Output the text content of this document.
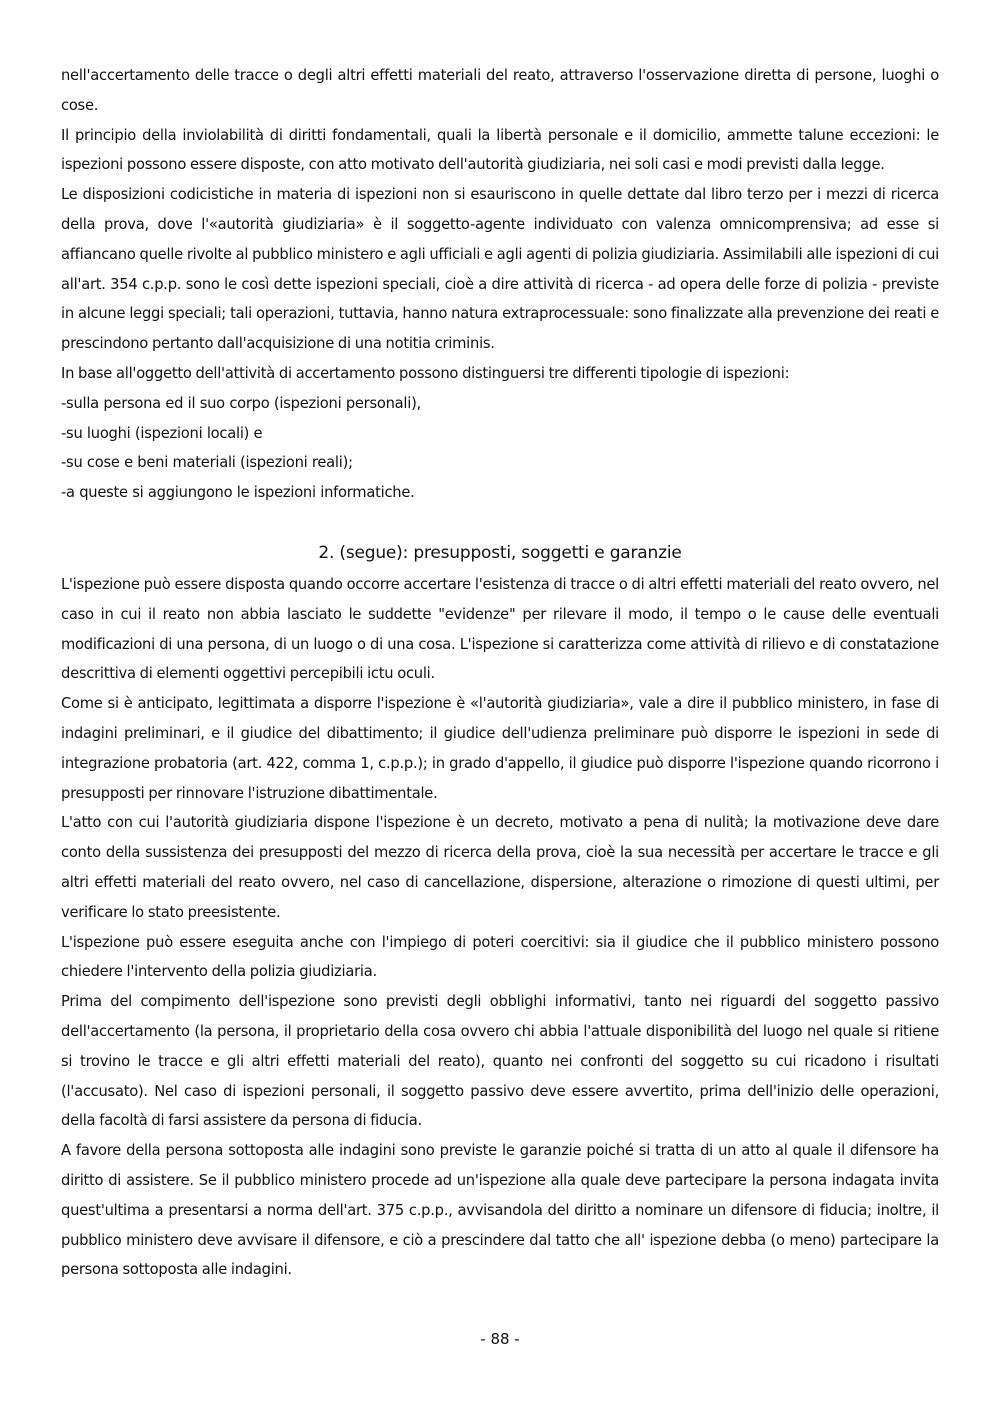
nell'accertamento delle tracce o degli altri effetti materiali del reato, attraverso l'osservazione diretta di persone, luoghi o cose.

Il principio della inviolabilità di diritti fondamentali, quali la libertà personale e il domicilio, ammette talune eccezioni: le ispezioni possono essere disposte, con atto motivato dell'autorità giudiziaria, nei soli casi e modi previsti dalla legge.

Le disposizioni codicistiche in materia di ispezioni non si esauriscono in quelle dettate dal libro terzo per i mezzi di ricerca della prova, dove l'«autorità giudiziaria» è il soggetto-agente individuato con valenza omnicomprensiva; ad esse si affiancano quelle rivolte al pubblico ministero e agli ufficiali e agli agenti di polizia giudiziaria. Assimilabili alle ispezioni di cui all'art. 354 c.p.p. sono le così dette ispezioni speciali, cioè a dire attività di ricerca - ad opera delle forze di polizia - previste in alcune leggi speciali; tali operazioni, tuttavia, hanno natura extraprocessuale: sono finalizzate alla prevenzione dei reati e prescindono pertanto dall'acquisizione di una notitia criminis.

In base all'oggetto dell'attività di accertamento possono distinguersi tre differenti tipologie di ispezioni:

-sulla persona ed il suo corpo (ispezioni personali),

-su luoghi (ispezioni locali) e

-su cose e beni materiali (ispezioni reali);

-a queste si aggiungono le ispezioni informatiche.

2. (segue): presupposti, soggetti e garanzie

L'ispezione può essere disposta quando occorre accertare l'esistenza di tracce o di altri effetti materiali del reato ovvero, nel caso in cui il reato non abbia lasciato le suddette "evidenze" per rilevare il modo, il tempo o le cause delle eventuali modificazioni di una persona, di un luogo o di una cosa. L'ispezione si caratterizza come attività di rilievo e di constatazione descrittiva di elementi oggettivi percepibili ictu oculi.

Come si è anticipato, legittimata a disporre l'ispezione è «l'autorità giudiziaria», vale a dire il pubblico ministero, in fase di indagini preliminari, e il giudice del dibattimento; il giudice dell'udienza preliminare può disporre le ispezioni in sede di integrazione probatoria (art. 422, comma 1, c.p.p.); in grado d'appello, il giudice può disporre l'ispezione quando ricorrono i presupposti per rinnovare l'istruzione dibattimentale.

L'atto con cui l'autorità giudiziaria dispone l'ispezione è un decreto, motivato a pena di nulità; la motivazione deve dare conto della sussistenza dei presupposti del mezzo di ricerca della prova, cioè la sua necessità per accertare le tracce e gli altri effetti materiali del reato ovvero, nel caso di cancellazione, dispersione, alterazione o rimozione di questi ultimi, per verificare lo stato preesistente.

L'ispezione può essere eseguita anche con l'impiego di poteri coercitivi: sia il giudice che il pubblico ministero possono chiedere l'intervento della polizia giudiziaria.

Prima del compimento dell'ispezione sono previsti degli obblighi informativi, tanto nei riguardi del soggetto passivo dell'accertamento (la persona, il proprietario della cosa ovvero chi abbia l'attuale disponibilità del luogo nel quale si ritiene si trovino le tracce e gli altri effetti materiali del reato), quanto nei confronti del soggetto su cui ricadono i risultati (l'accusato). Nel caso di ispezioni personali, il soggetto passivo deve essere avvertito, prima dell'inizio delle operazioni, della facoltà di farsi assistere da persona di fiducia.

A favore della persona sottoposta alle indagini sono previste le garanzie poiché si tratta di un atto al quale il difensore ha diritto di assistere. Se il pubblico ministero procede ad un'ispezione alla quale deve partecipare la persona indagata invita quest'ultima a presentarsi a norma dell'art. 375 c.p.p., avvisandola del diritto a nominare un difensore di fiducia; inoltre, il pubblico ministero deve avvisare il difensore, e ciò a prescindere dal tatto che all' ispezione debba (o meno) partecipare la persona sottoposta alle indagini.

- 88 -
